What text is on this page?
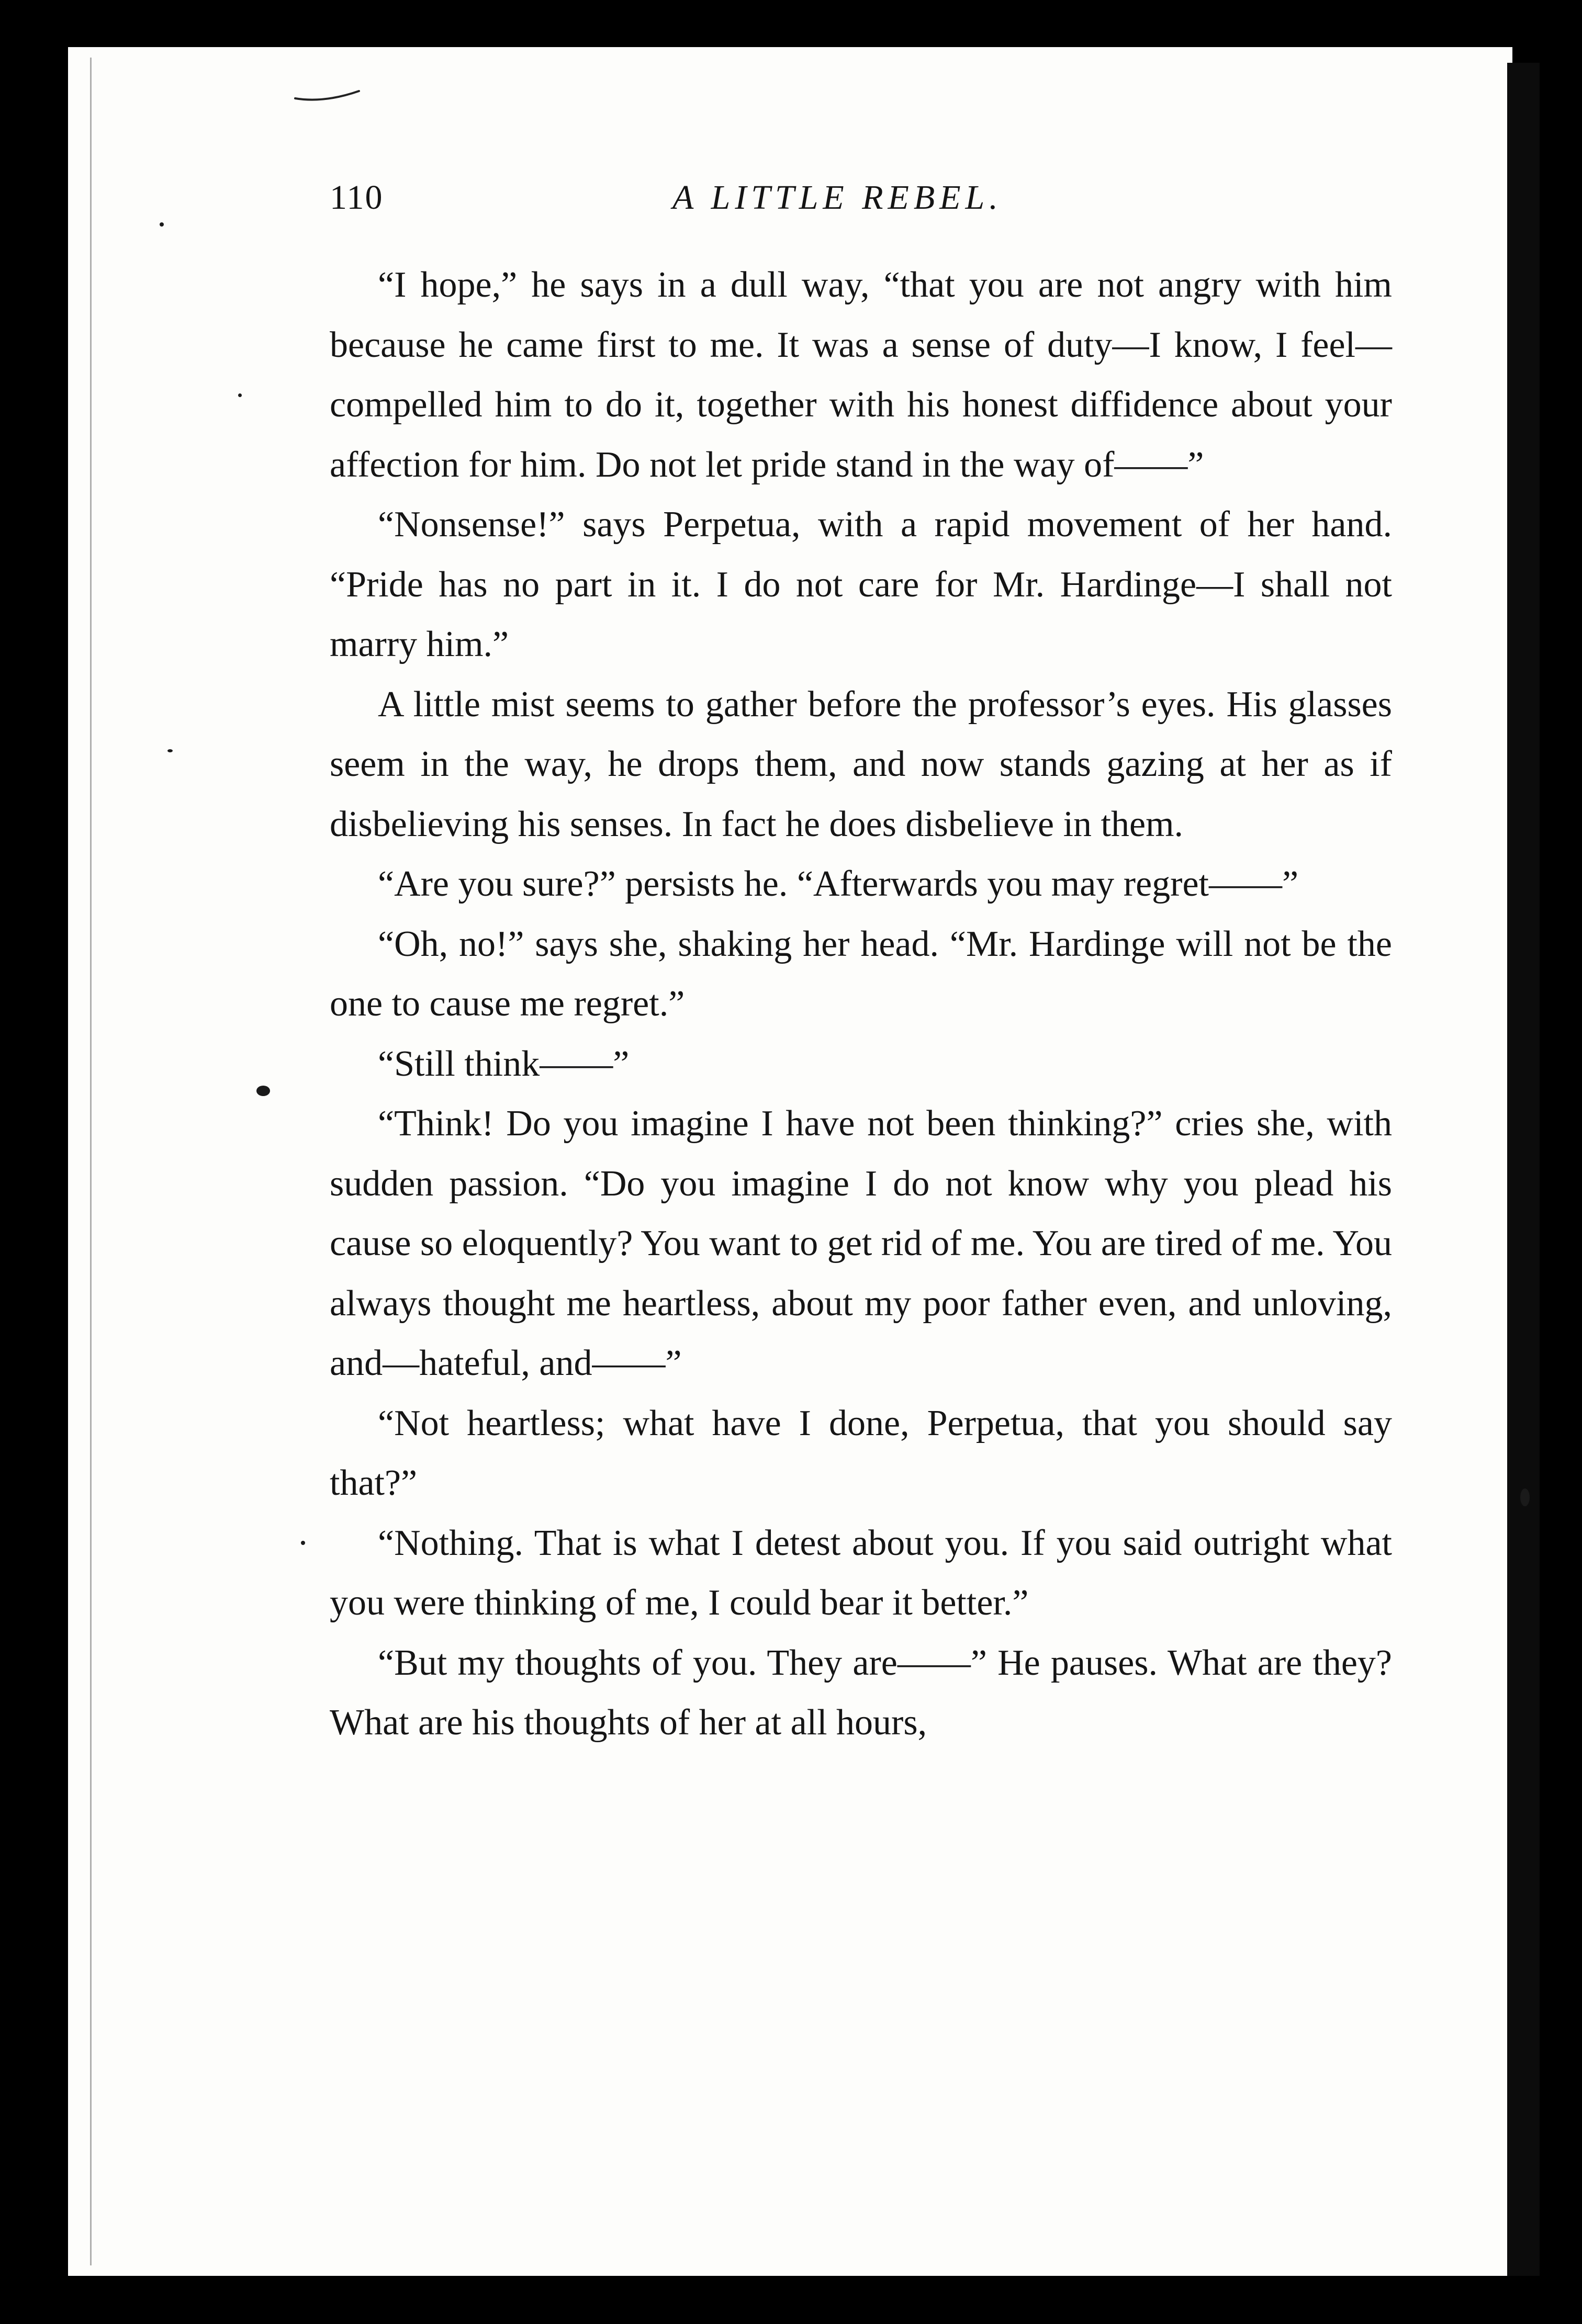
110	A LITTLE REBEL.

“I hope,” he says in a dull way, “that you are not angry with him because he came first to me. It was a sense of duty—I know, I feel—compelled him to do it, together with his honest diffidence about your affection for him. Do not let pride stand in the way of——”

“Nonsense!” says Perpetua, with a rapid movement of her hand. “Pride has no part in it. I do not care for Mr. Hardinge—I shall not marry him.”

A little mist seems to gather before the professor’s eyes. His glasses seem in the way, he drops them, and now stands gazing at her as if disbelieving his senses. In fact he does disbelieve in them.

“Are you sure?” persists he. “Afterwards you may regret——”

“Oh, no!” says she, shaking her head. “Mr. Hardinge will not be the one to cause me regret.”

“Still think——”

“Think! Do you imagine I have not been thinking?” cries she, with sudden passion. “Do you imagine I do not know why you plead his cause so eloquently? You want to get rid of me. You are tired of me. You always thought me heartless, about my poor father even, and unloving, and—hateful, and——”

“Not heartless; what have I done, Perpetua, that you should say that?”

“Nothing. That is what I detest about you. If you said outright what you were thinking of me, I could bear it better.”

“But my thoughts of you. They are——” He pauses. What are they? What are his thoughts of her at all hours,
